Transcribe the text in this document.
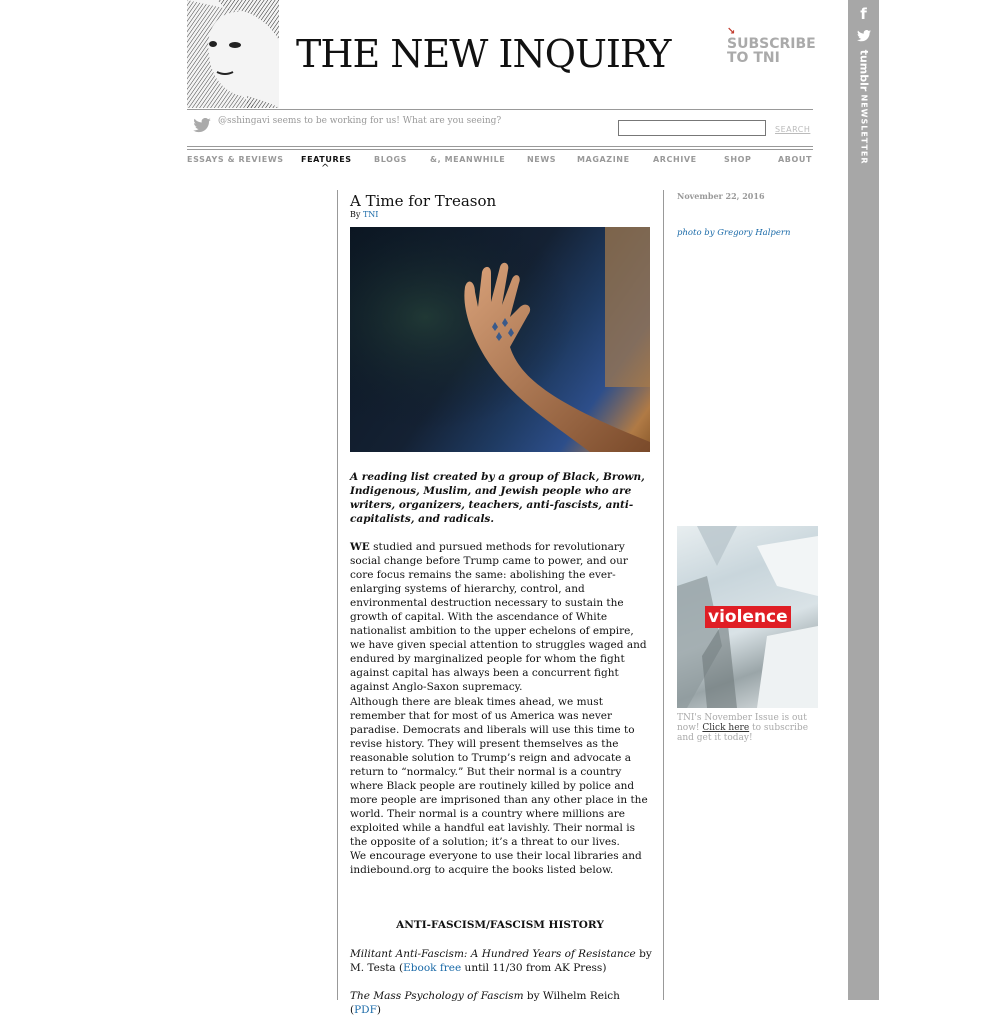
f
tumblr
NEWSLETTER
THE NEW INQUIRY
↘
SUBSCRIBE
TO TNI
@sshingavi seems to be working for us! What are you seeing?
SEARCH
ESSAYS & REVIEWS FEATURES	BLOGS	&, MEANWHILE	NEWS	MAGAZINE	ARCHIVE	SHOP	ABOUT
^
A Time for Treason
By TNI
A reading list created by a group of Black, Brown, Indigenous, Muslim, and Jewish people who are writers, organizers, teachers, anti-fascists, anti-capitalists, and radicals.
WE studied and pursued methods for revolutionary social change before Trump came to power, and our core focus remains the same: abolishing the ever-enlarging systems of hierarchy, control, and environmental destruction necessary to sustain the growth of capital. With the ascendance of White nationalist ambition to the upper echelons of empire, we have given special attention to struggles waged and endured by marginalized people for whom the fight against capital has always been a concurrent fight against Anglo-Saxon supremacy.
Although there are bleak times ahead, we must remember that for most of us America was never paradise. Democrats and liberals will use this time to revise history. They will present themselves as the reasonable solution to Trump’s reign and advocate a return to “normalcy.” But their normal is a country where Black people are routinely killed by police and more people are imprisoned than any other place in the world. Their normal is a country where millions are exploited while a handful eat lavishly. Their normal is the opposite of a solution; it’s a threat to our lives.
We encourage everyone to use their local libraries and indiebound.org to acquire the books listed below.
ANTI-FASCISM/FASCISM HISTORY
Militant Anti-Fascism: A Hundred Years of Resistance by M. Testa (Ebook free until 11/30 from AK Press)
The Mass Psychology of Fascism by Wilhelm Reich (PDF)
November 22, 2016
photo by Gregory Halpern
violence
TNI's November Issue is out now! Click here to subscribe and get it today!
